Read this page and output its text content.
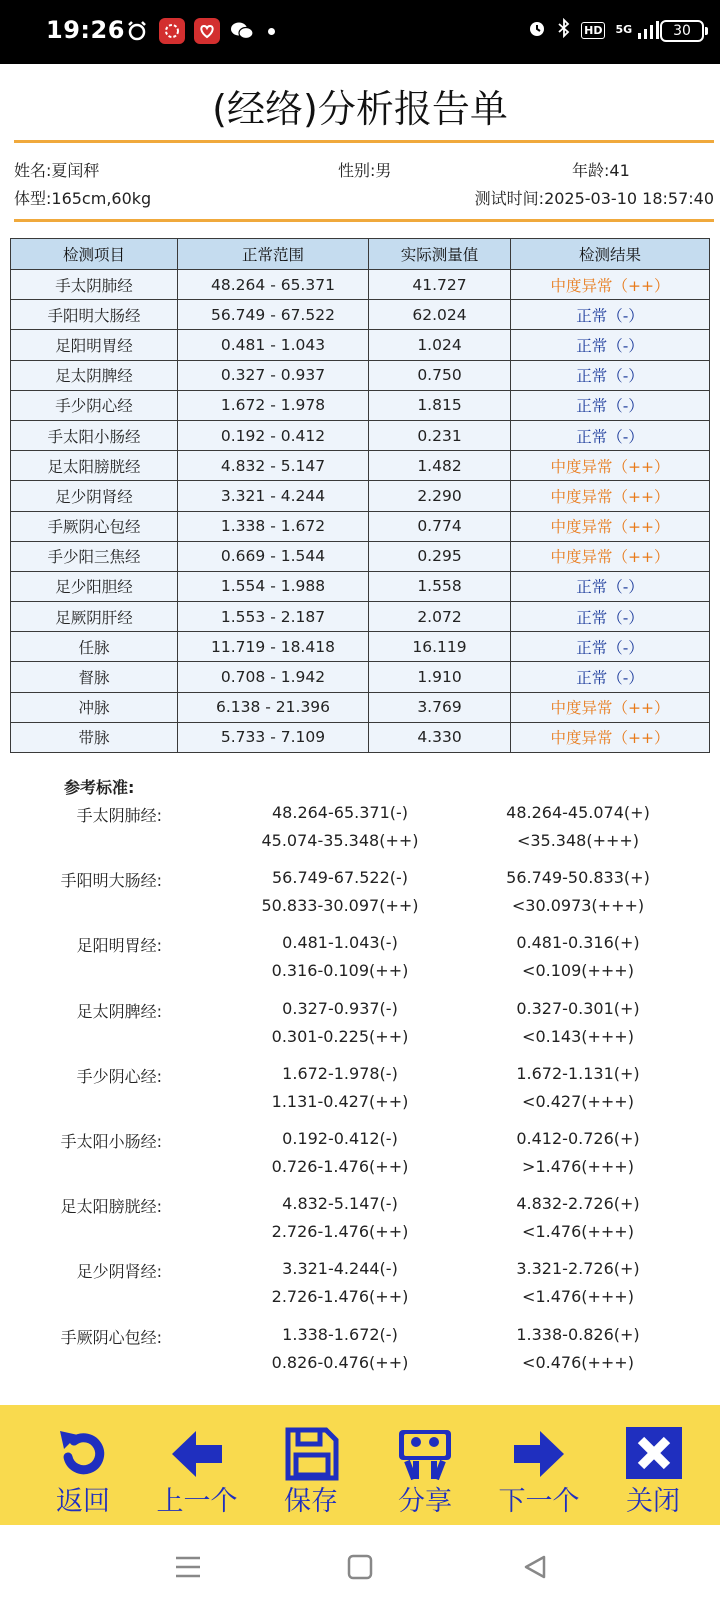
19:26	HD 5G	30
(经络)分析报告单
姓名:夏闰秤	性别:男	年龄:41
体型:165cm,60kg	测试时间:2025-03-10 18:57:40
检测项目	正常范围	实际测量值	检测结果
手太阴肺经	48.264 - 65.371	41.727	中度异常（++）
手阳明大肠经	56.749 - 67.522	62.024	正常（-）
足阳明胃经	0.481 - 1.043	1.024	正常（-）
足太阴脾经	0.327 - 0.937	0.750	正常（-）
手少阴心经	1.672 - 1.978	1.815	正常（-）
手太阳小肠经	0.192 - 0.412	0.231	正常（-）
足太阳膀胱经	4.832 - 5.147	1.482	中度异常（++）
足少阴肾经	3.321 - 4.244	2.290	中度异常（++）
手厥阴心包经	1.338 - 1.672	0.774	中度异常（++）
手少阳三焦经	0.669 - 1.544	0.295	中度异常（++）
足少阳胆经	1.554 - 1.988	1.558	正常（-）
足厥阴肝经	1.553 - 2.187	2.072	正常（-）
任脉	11.719 - 18.418	16.119	正常（-）
督脉	0.708 - 1.942	1.910	正常（-）
冲脉	6.138 - 21.396	3.769	中度异常（++）
带脉	5.733 - 7.109	4.330	中度异常（++）
参考标准:
手太阴肺经:	48.264-65.371(-)	48.264-45.074(+)
45.074-35.348(++)	<35.348(+++)
手阳明大肠经:	56.749-67.522(-)	56.749-50.833(+)
50.833-30.097(++)	<30.0973(+++)
足阳明胃经:	0.481-1.043(-)	0.481-0.316(+)
0.316-0.109(++)	<0.109(+++)
足太阴脾经:	0.327-0.937(-)	0.327-0.301(+)
0.301-0.225(++)	<0.143(+++)
手少阴心经:	1.672-1.978(-)	1.672-1.131(+)
1.131-0.427(++)	<0.427(+++)
手太阳小肠经:	0.192-0.412(-)	0.412-0.726(+)
0.726-1.476(++)	>1.476(+++)
足太阳膀胱经:	4.832-5.147(-)	4.832-2.726(+)
2.726-1.476(++)	<1.476(+++)
足少阴肾经:	3.321-4.244(-)	3.321-2.726(+)
2.726-1.476(++)	<1.476(+++)
手厥阴心包经:	1.338-1.672(-)	1.338-0.826(+)
0.826-0.476(++)	<0.476(+++)
返回	上一个	保存	分享	下一个	关闭
